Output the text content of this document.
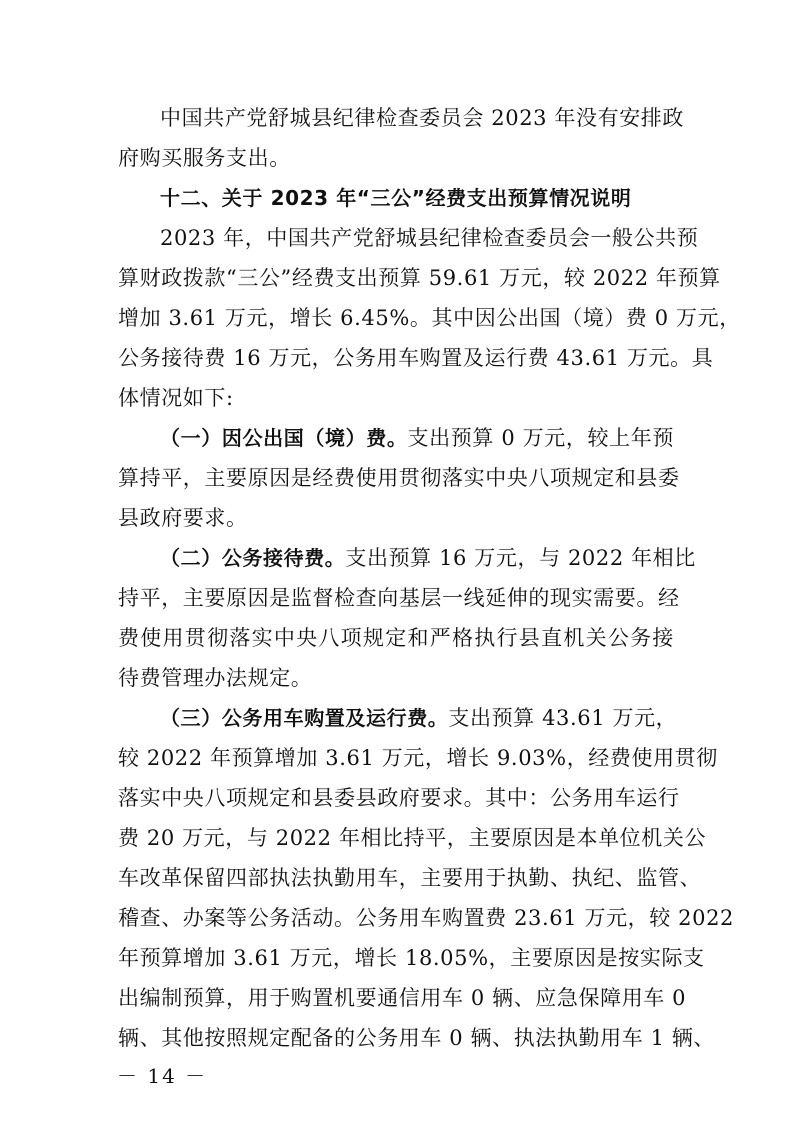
中国共产党舒城县纪律检查委员会 2023 年没有安排政
府购买服务支出。
十二、关于 2023 年“三公”经费支出预算情况说明
2023 年，中国共产党舒城县纪律检查委员会一般公共预
算财政拨款“三公”经费支出预算 59.61 万元，较 2022 年预算
增加 3.61 万元，增长 6.45%。其中因公出国（境）费 0 万元，
公务接待费 16 万元，公务用车购置及运行费 43.61 万元。具
体情况如下:
（一）因公出国（境）费。支出预算 0 万元，较上年预
算持平，主要原因是经费使用贯彻落实中央八项规定和县委
县政府要求。
（二）公务接待费。支出预算 16 万元，与 2022 年相比
持平，主要原因是监督检查向基层一线延伸的现实需要。经
费使用贯彻落实中央八项规定和严格执行县直机关公务接
待费管理办法规定。
（三）公务用车购置及运行费。支出预算 43.61 万元，
较 2022 年预算增加 3.61 万元，增长 9.03%，经费使用贯彻
落实中央八项规定和县委县政府要求。其中：公务用车运行
费 20 万元，与 2022 年相比持平，主要原因是本单位机关公
车改革保留四部执法执勤用车，主要用于执勤、执纪、监管、
稽查、办案等公务活动。公务用车购置费 23.61 万元，较 2022
年预算增加 3.61 万元，增长 18.05%，主要原因是按实际支
出编制预算，用于购置机要通信用车 0 辆、应急保障用车 0
辆、其他按照规定配备的公务用车 0 辆、执法执勤用车 1 辆、
－ 14 －
